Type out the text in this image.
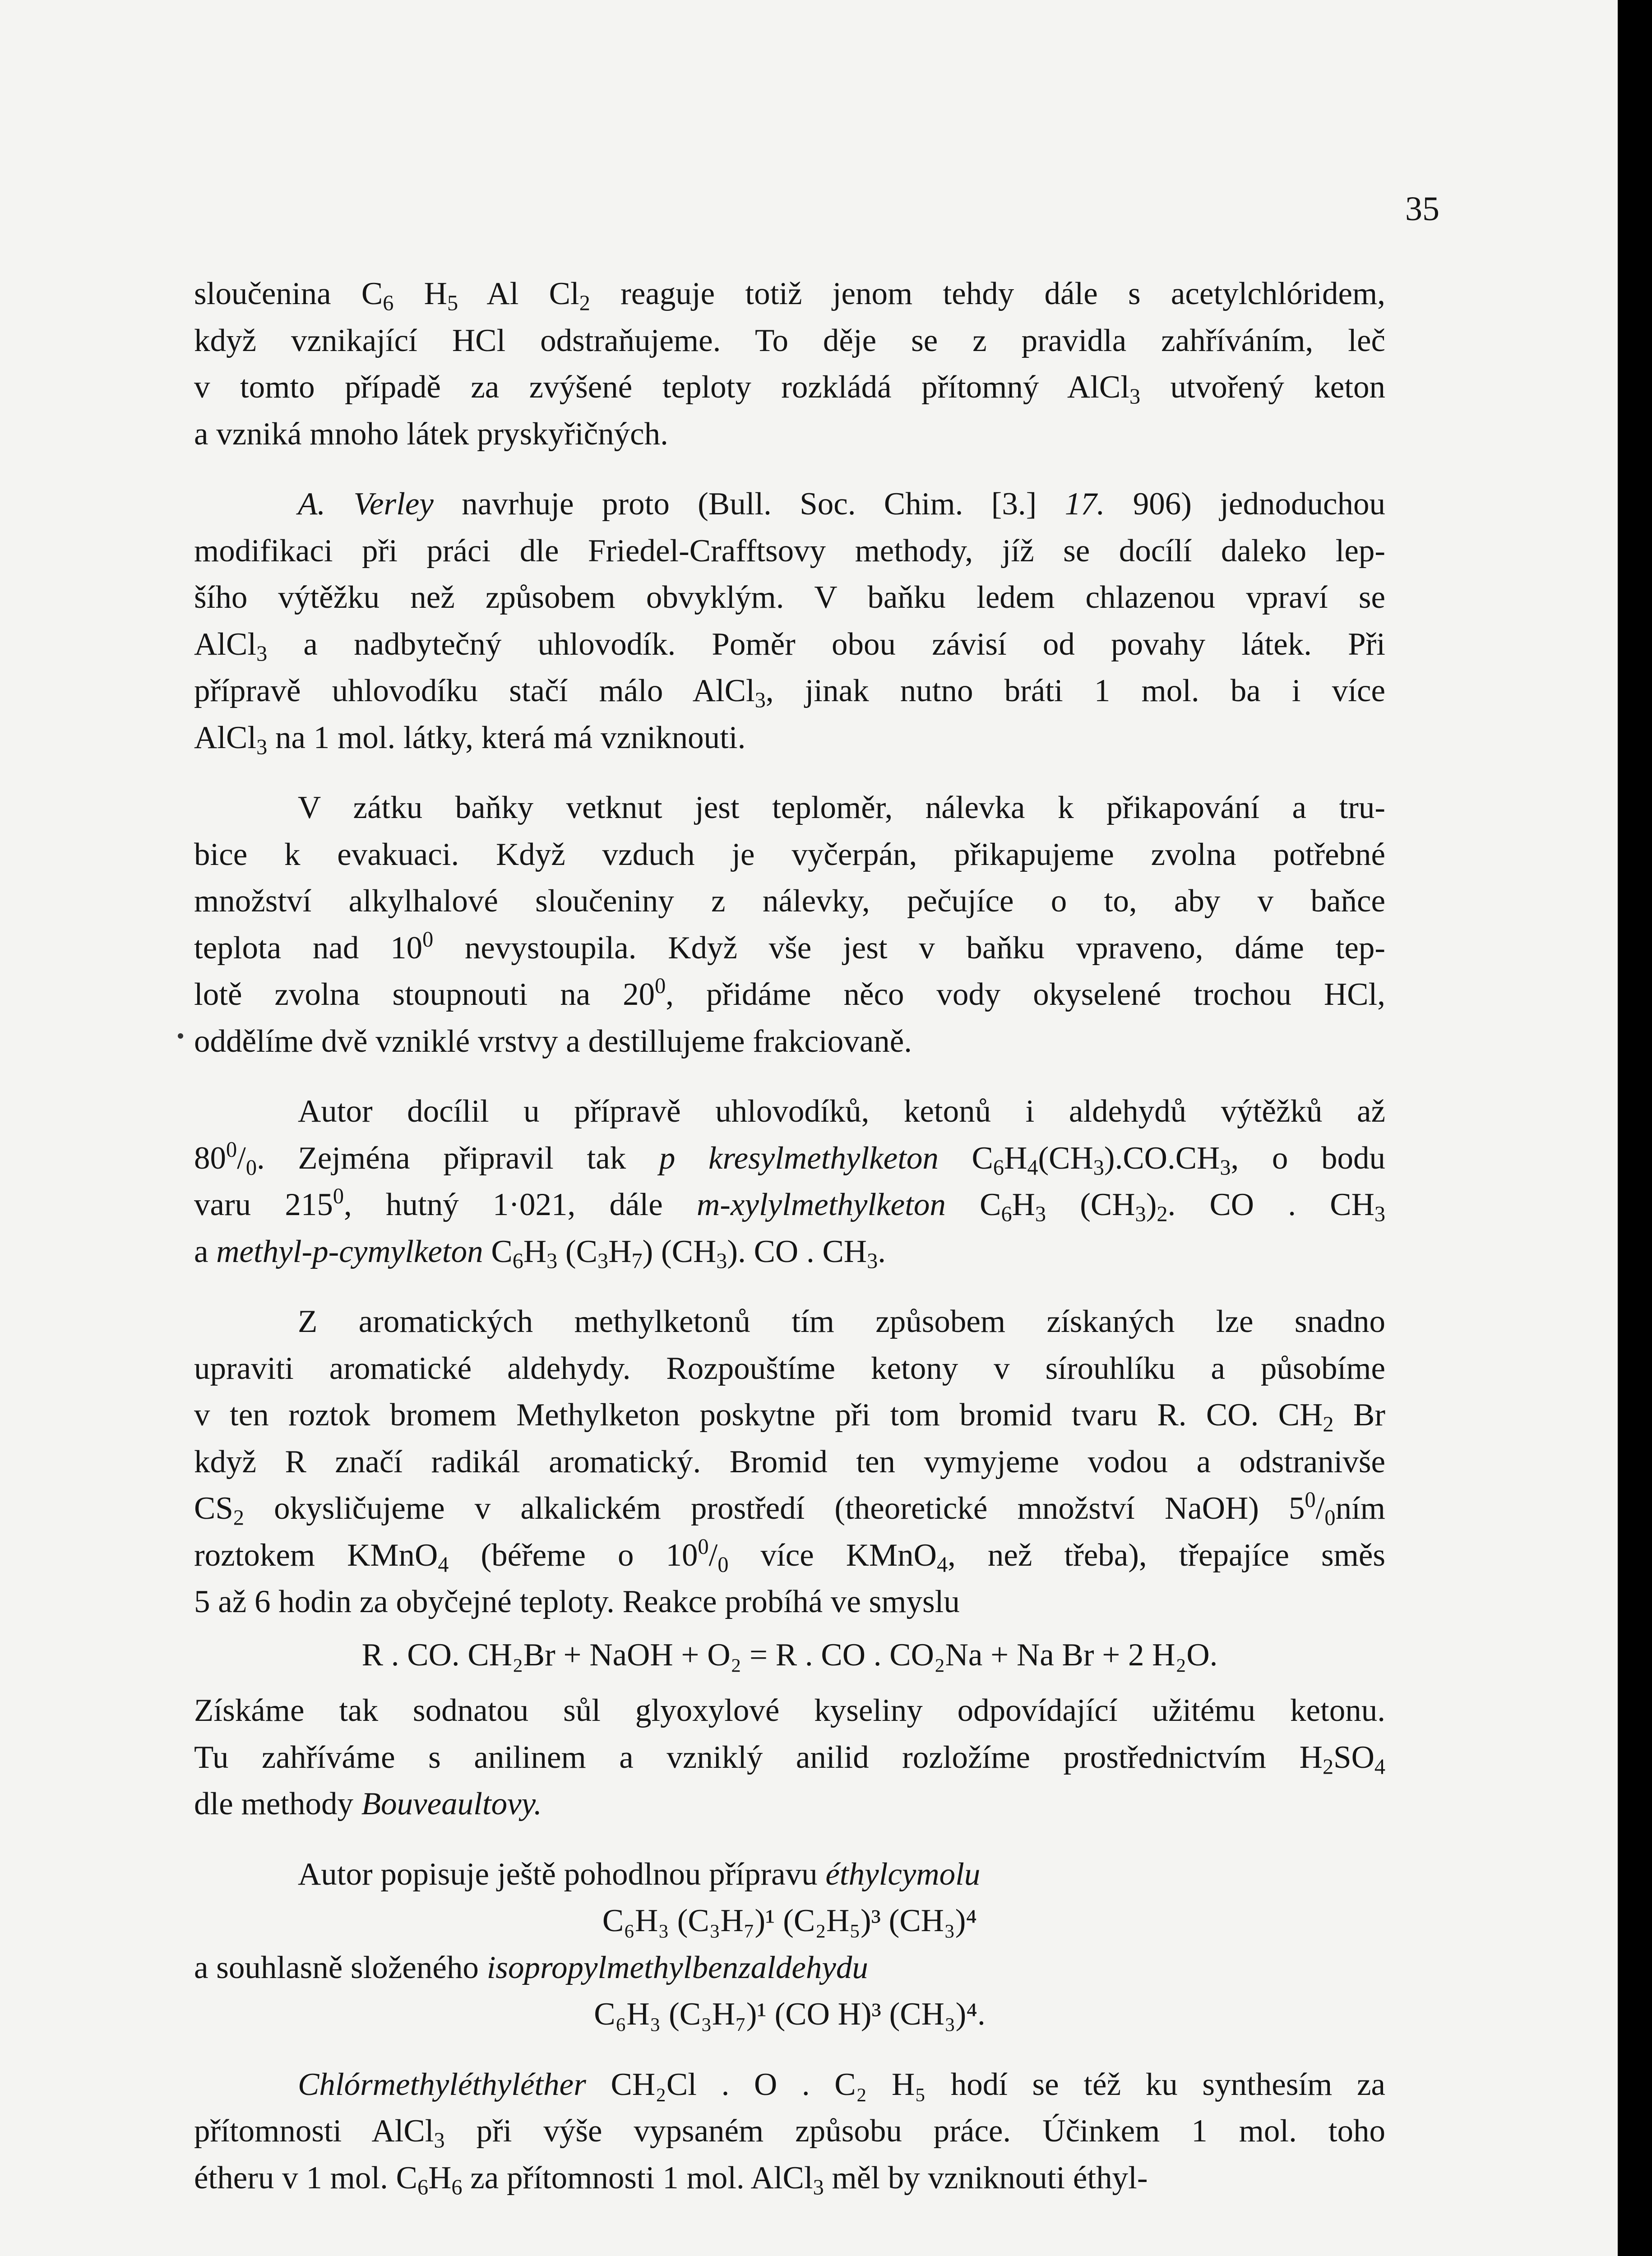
35
sloučenina $C_6$ $H_5$ Al $Cl_2$ reaguje totiž jenom tehdy dále s acetylchlóridem,
když vznikající HCl odstraňujeme. To děje se z pravidla zahříváním, leč
v tomto případě za zvýšené teploty rozkládá přítomný AlCl$_3$ utvořený keton
a vzniká mnoho látek pryskyřičných.
A. Verley navrhuje proto (Bull. Soc. Chim. [3.] 17. 906) jednoduchou
modifikaci při práci dle Friedel-Crafftsovy methody, jíž se docílí daleko lep-
šího výtěžku než způsobem obvyklým. V baňku ledem chlazenou vpraví se
AlCl$_3$ a nadbytečný uhlovodík. Poměr obou závisí od povahy látek. Při
přípravě uhlovodíku stačí málo AlCl$_3$, jinak nutno bráti 1 mol. ba i více
AlCl$_3$ na 1 mol. látky, která má vzniknouti.
V zátku baňky vetknut jest teploměr, nálevka k přikapování a tru-
bice k evakuaci. Když vzduch je vyčerpán, přikapujeme zvolna potřebné
množství alkylhalové sloučeniny z nálevky, pečujíce o to, aby v baňce
teplota nad $10^0$ nevystoupila. Když vše jest v baňku vpraveno, dáme tep-
lotě zvolna stoupnouti na $20^0$, přidáme něco vody okyselené trochou HCl,
oddělíme dvě vzniklé vrstvy a destillujeme frakciovaně.
Autor docílil u přípravě uhlovodíků, ketonů i aldehydů výtěžků až
$80^0/_0$. Zejména připravil tak p kresylmethylketon $C_6H_4(CH_3).CO.CH_3$, o bodu
varu $215^0$, hutný 1·021, dále m-xylylmethylketon $C_6H_3$ $(CH_3)_2$. CO . $CH_3$
a methyl-p-cymylketon $C_6H_3$ $(C_3H_7)$ $(CH_3)$. CO . $CH_3$.
Z aromatických methylketonů tím způsobem získaných lze snadno
upraviti aromatické aldehydy. Rozpouštíme ketony v sírouhlíku a působíme
v ten roztok bromem Methylketon poskytne při tom bromid tvaru R. CO. $CH_2$ Br
když R značí radikál aromatický. Bromid ten vymyjeme vodou a odstranivše
$CS_2$ okysličujeme v alkalickém prostředí (theoretické množství NaOH) $5^0/_0ním$
roztokem KMnO$_4$ (béřeme o $10^0/_0$ více KMnO$_4$, než třeba), třepajíce směs
5 až 6 hodin za obyčejné teploty. Reakce probíhá ve smyslu
R . CO. CH₂Br + NaOH + O₂ = R . CO . CO₂Na + Na Br + 2 H₂O.
Získáme tak sodnatou sůl glyoxylové kyseliny odpovídající užitému ketonu.
Tu zahříváme s anilinem a vzniklý anilid rozložíme prostřednictvím $H_2SO_4$
dle methody Bouveaultovy.
Autor popisuje ještě pohodlnou přípravu éthylcymolu
C₆H₃ (C₃H₇)¹ (C₂H₅)³ (CH₃)⁴
a souhlasně složeného isopropylmethylbenzaldehydu
C₆H₃ (C₃H₇)¹ (CO H)³ (CH₃)⁴.
Chlórmethyléthyléther CH₂Cl . O . C₂ H₅ hodí se též ku synthesím za
přítomnosti AlCl$_3$ při výše vypsaném způsobu práce. Účinkem 1 mol. toho
étheru v 1 mol. $C_6H_6$ za přítomnosti 1 mol. AlCl$_3$ měl by vzniknouti éthyl-
